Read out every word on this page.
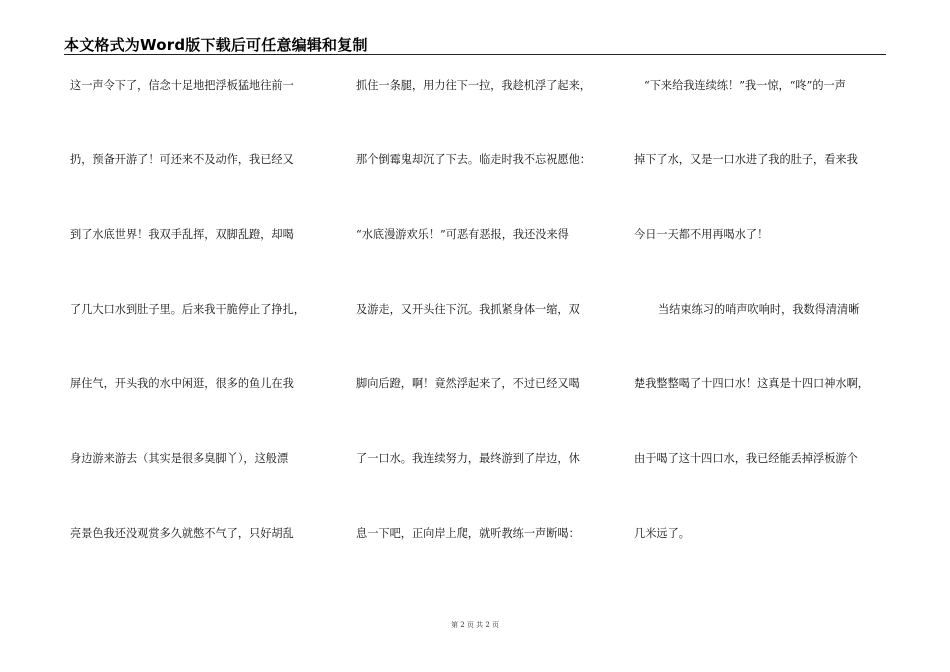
本文格式为Word版下载后可任意编辑和复制
这一声令下了，信念十足地把浮板猛地往前一
扔，预备开游了！可还来不及动作，我已经又
到了水底世界！我双手乱挥，双脚乱蹬，却喝
了几大口水到肚子里。后来我干脆停止了挣扎，
屏住气，开头我的水中闲逛，很多的鱼儿在我
身边游来游去（其实是很多臭脚丫），这般漂
亮景色我还没观赏多久就憋不气了，只好胡乱
抓住一条腿，用力往下一拉，我趁机浮了起来，
那个倒霉鬼却沉了下去。临走时我不忘祝愿他：
“水底漫游欢乐！”可恶有恶报，我还没来得
及游走，又开头往下沉。我抓紧身体一缩，双
脚向后蹬，啊！竟然浮起来了，不过已经又喝
了一口水。我连续努力，最终游到了岸边，休
息一下吧，正向岸上爬，就听教练一声断喝：
“下来给我连续练！”我一惊，“咚”的一声
掉下了水，又是一口水进了我的肚子，看来我
今日一天都不用再喝水了！
当结束练习的哨声吹响时，我数得清清晰
楚我整整喝了十四口水！这真是十四口神水啊，
由于喝了这十四口水，我已经能丢掉浮板游个
几米远了。
第 2 页 共 2 页
